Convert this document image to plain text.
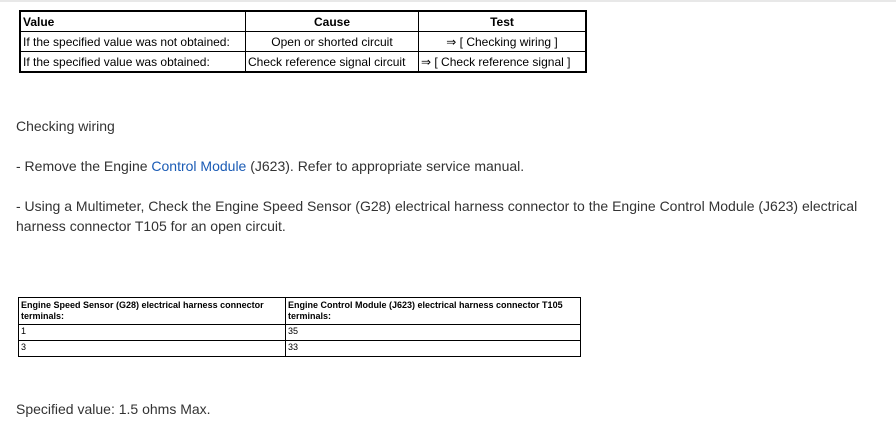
Value	Cause	Test
If the specified value was not obtained:	Open or shorted circuit	⇒ [ Checking wiring ]
If the specified value was obtained:	Check reference signal circuit	⇒ [ Check reference signal ]
Checking wiring
- Remove the Engine Control Module (J623). Refer to appropriate service manual.
- Using a Multimeter, Check the Engine Speed Sensor (G28) electrical harness connector to the Engine Control Module (J623) electrical harness connector T105 for an open circuit.
Engine Speed Sensor (G28) electrical harness connector terminals:	Engine Control Module (J623) electrical harness connector T105 terminals:
1	35
3	33
Specified value: 1.5 ohms Max.
